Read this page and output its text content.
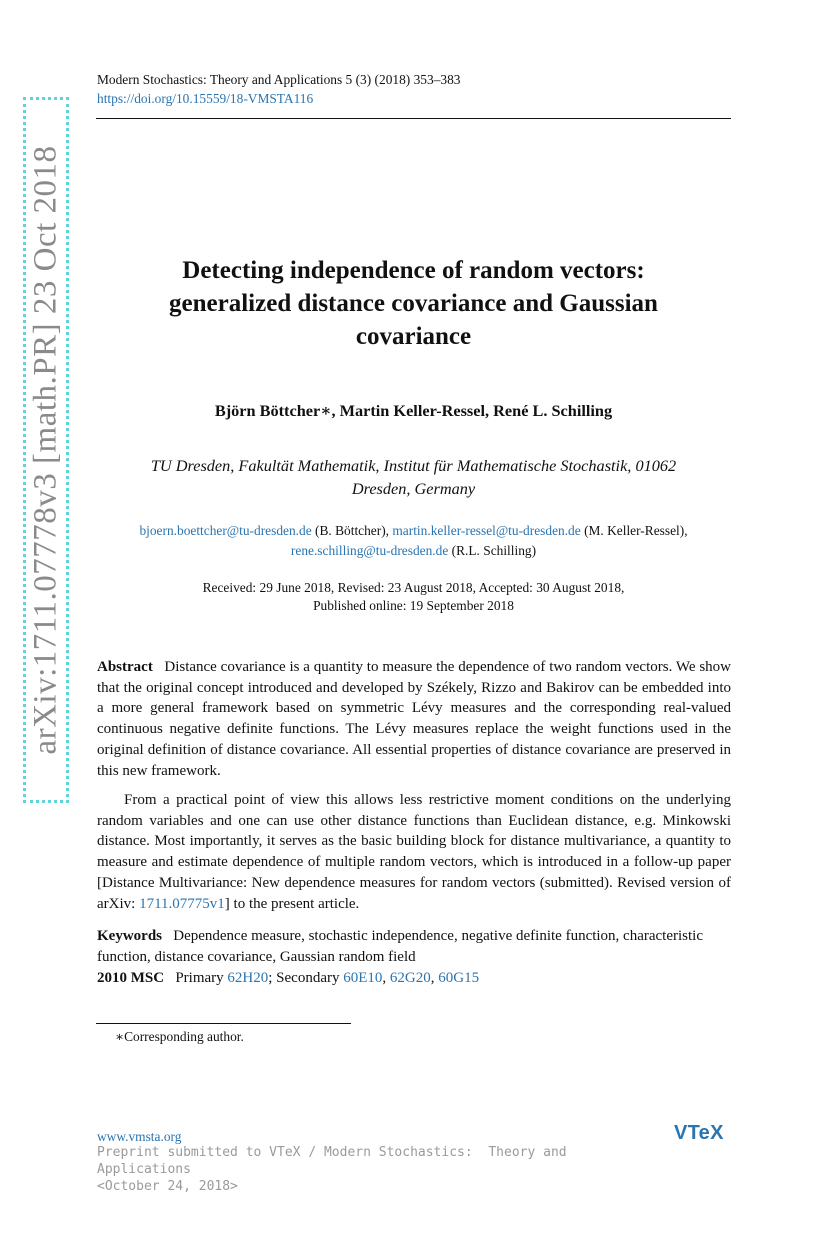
arXiv:1711.07778v3 [math.PR] 23 Oct 2018
Modern Stochastics: Theory and Applications 5 (3) (2018) 353–383
https://doi.org/10.15559/18-VMSTA116
Detecting independence of random vectors:
generalized distance covariance and Gaussian
covariance
Björn Böttcher∗, Martin Keller-Ressel, René L. Schilling
TU Dresden, Fakultät Mathematik, Institut für Mathematische Stochastik, 01062
Dresden, Germany
bjoern.boettcher@tu-dresden.de (B. Böttcher), martin.keller-ressel@tu-dresden.de (M. Keller-Ressel),
rene.schilling@tu-dresden.de (R.L. Schilling)
Received: 29 June 2018, Revised: 23 August 2018, Accepted: 30 August 2018,
Published online: 19 September 2018
Abstract Distance covariance is a quantity to measure the dependence of two random vectors. We show that the original concept introduced and developed by Székely, Rizzo and Bakirov can be embedded into a more general framework based on symmetric Lévy measures and the corresponding real-valued continuous negative definite functions. The Lévy measures replace the weight functions used in the original definition of distance covariance. All essential properties of distance covariance are preserved in this new framework.
From a practical point of view this allows less restrictive moment conditions on the underlying random variables and one can use other distance functions than Euclidean distance, e.g. Minkowski distance. Most importantly, it serves as the basic building block for distance multivariance, a quantity to measure and estimate dependence of multiple random vectors, which is introduced in a follow-up paper [Distance Multivariance: New dependence measures for random vectors (submitted). Revised version of arXiv: 1711.07775v1] to the present article.
Keywords Dependence measure, stochastic independence, negative definite function, characteristic function, distance covariance, Gaussian random field
2010 MSC Primary 62H20; Secondary 60E10, 62G20, 60G15
∗Corresponding author.
www.vmsta.org
Preprint submitted to VTeX / Modern Stochastics:  Theory and Applications
<October 24, 2018>
VTeX
